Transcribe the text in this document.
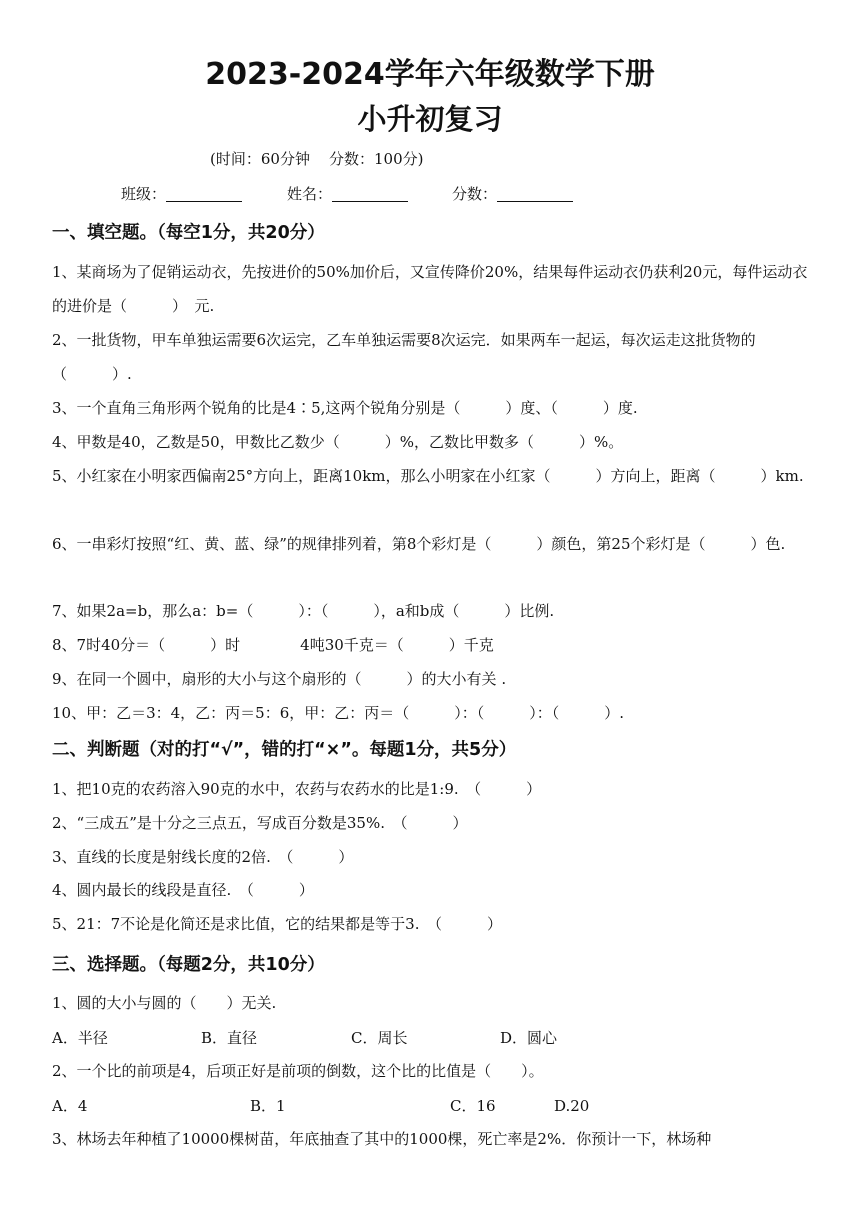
2023-2024学年六年级数学下册
小升初复习
(时间：60分钟    分数：100分)
班级：	姓名：	分数：
一、填空题。（每空1分，共20分）

1、某商场为了促销运动衣，先按进价的50%加价后，又宣传降价20%，结果每件运动衣仍获利20元，每件运动衣的进价是（　　　）　元.

2、一批货物，甲车单独运需要6次运完，乙车单独运需要8次运完．如果两车一起运，每次运走这批货物的（　　　）.

3、一个直角三角形两个锐角的比是4∶5,这两个锐角分别是（　　　）度、（　　　）度.

4、甲数是40，乙数是50，甲数比乙数少（　　　）%，乙数比甲数多（　　　）%。

5、小红家在小明家西偏南25°方向上，距离10km，那么小明家在小红家（　　　）方向上，距离（　　　）km.

6、一串彩灯按照“红、黄、蓝、绿”的规律排列着，第8个彩灯是（　　　）颜色，第25个彩灯是（　　　）色.

7、如果2a=b，那么a：b=（　　　）：（　　　），a和b成（　　　）比例.

8、7时40分＝（　　　）时　　　　4吨30千克＝（　　　）千克

9、在同一个圆中，扇形的大小与这个扇形的（　　　）的大小有关 .

10、甲：乙＝3：4，乙：丙＝5：6，甲：乙：丙＝（　　　）：（　　　）：（　　　）.

二、判断题（对的打“√”，错的打“×”。每题1分，共5分）

1、把10克的农药溶入90克的水中，农药与农药水的比是1:9.　（　　　）

2、“三成五”是十分之三点五，写成百分数是35%.　（　　　）

3、直线的长度是射线长度的2倍.　（　　　）

4、圆内最长的线段是直径.　（　　　）

5、21：7不论是化简还是求比值，它的结果都是等于3.　（　　　）

三、选择题。（每题2分，共10分）

1、圆的大小与圆的（　　）无关.

A．半径	B．直径	C．周长	D．圆心

2、一个比的前项是4，后项正好是前项的倒数，这个比的比值是（　　）。

A．4	B．1	C．16	D.20

3、林场去年种植了10000棵树苗，年底抽查了其中的1000棵，死亡率是2%．你预计一下，林场种
